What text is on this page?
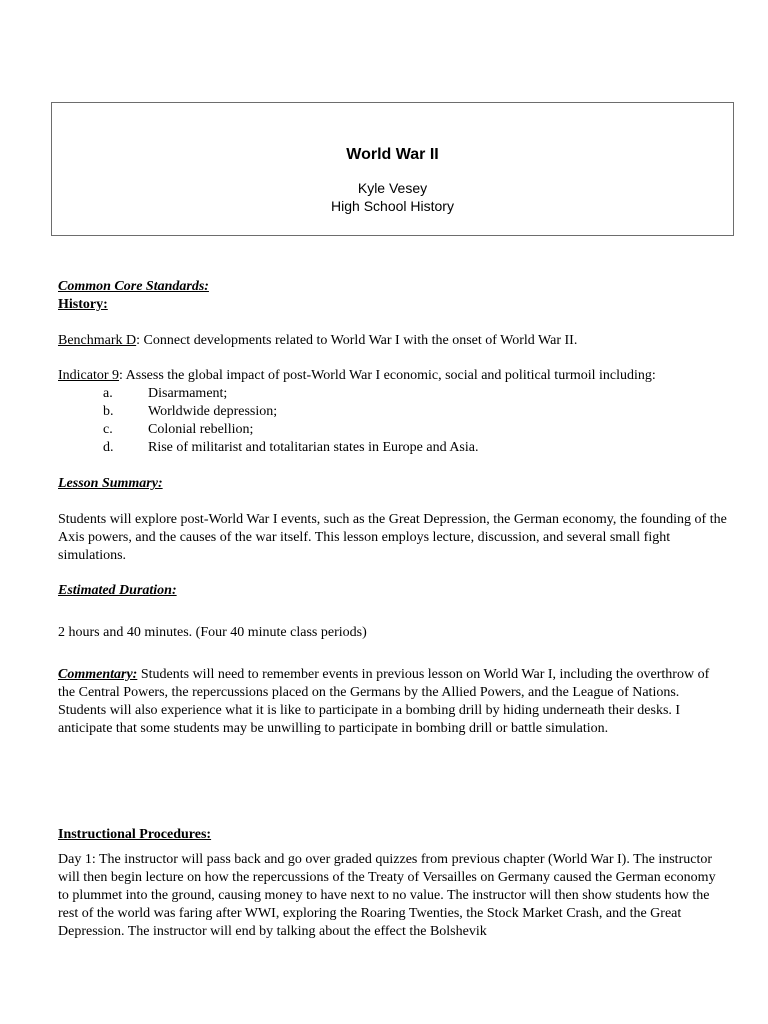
World War II
Kyle Vesey
High School History
Common Core Standards:
History:
Benchmark D: Connect developments related to World War I with the onset of World War II.
Indicator 9: Assess the global impact of post-World War I economic, social and political turmoil including:
a.	Disarmament;
b. Worldwide depression;
c.	Colonial rebellion;
d. Rise of militarist and totalitarian states in Europe and Asia.
Lesson Summary:
Students will explore post-World War I events, such as the Great Depression, the German economy, the founding of the Axis powers, and the causes of the war itself. This lesson employs lecture, discussion, and several small fight simulations.
Estimated Duration:
2 hours and 40 minutes. (Four 40 minute class periods)
Commentary: Students will need to remember events in previous lesson on World War I, including the overthrow of the Central Powers, the repercussions placed on the Germans by the Allied Powers, and the League of Nations. Students will also experience what it is like to participate in a bombing drill by hiding underneath their desks. I anticipate that some students may be unwilling to participate in bombing drill or battle simulation.
Instructional Procedures:
Day 1: The instructor will pass back and go over graded quizzes from previous chapter (World War I). The instructor will then begin lecture on how the repercussions of the Treaty of Versailles on Germany caused the German economy to plummet into the ground, causing money to have next to no value. The instructor will then show students how the rest of the world was faring after WWI, exploring the Roaring Twenties, the Stock Market Crash, and the Great Depression. The instructor will end by talking about the effect the Bolshevik
